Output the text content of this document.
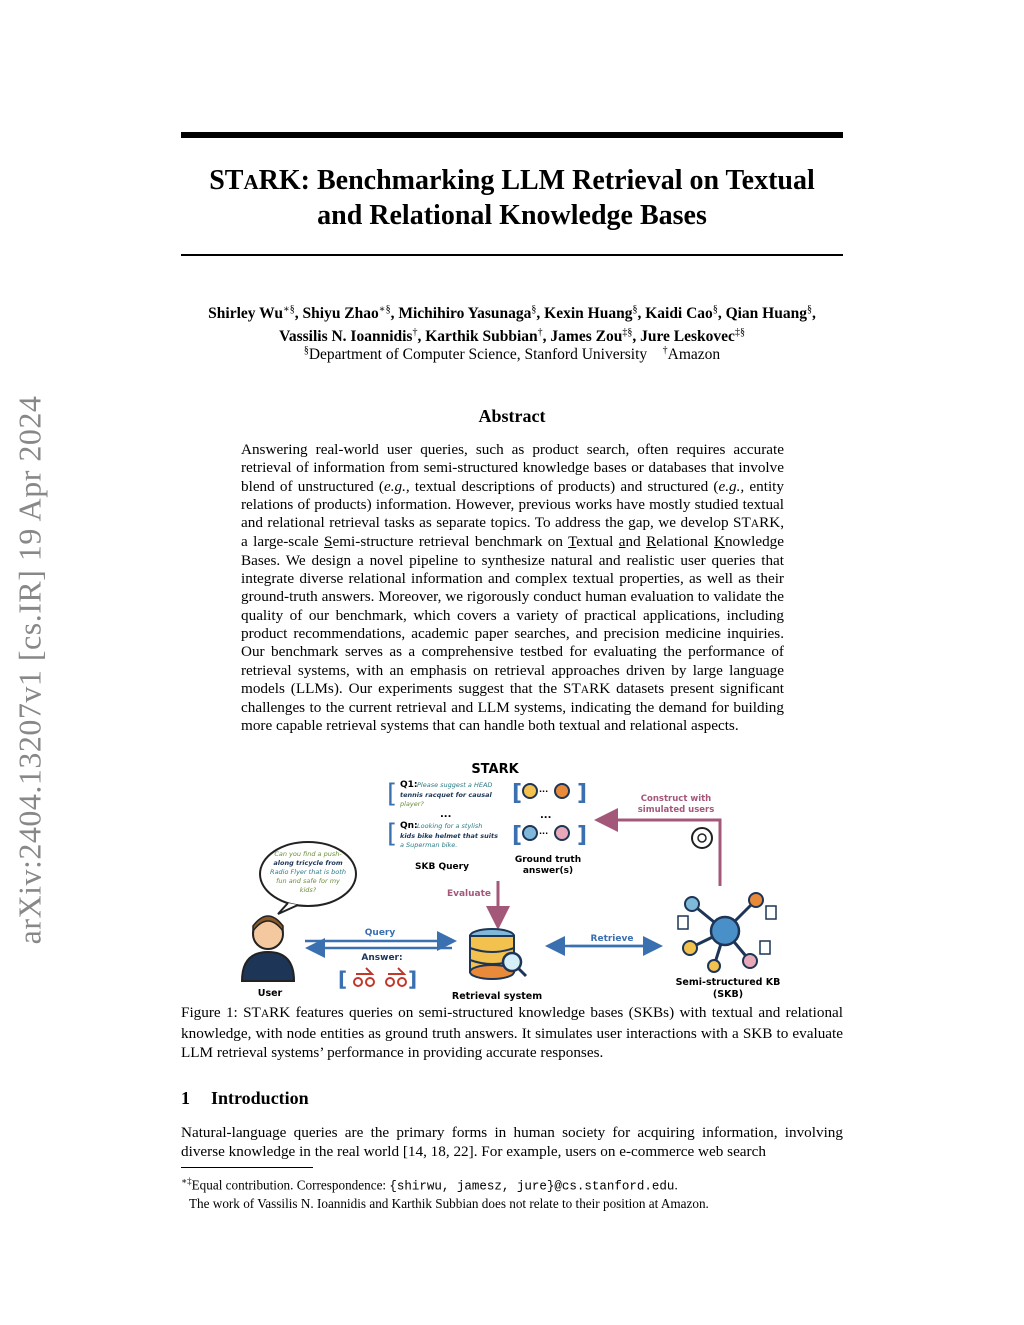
arXiv:2404.13207v1 [cs.IR] 19 Apr 2024
STARK: Benchmarking LLM Retrieval on Textual
and Relational Knowledge Bases
Shirley Wu∗§, Shiyu Zhao∗§, Michihiro Yasunaga§, Kexin Huang§, Kaidi Cao§, Qian Huang§,
Vassilis N. Ioannidis†, Karthik Subbian†, James Zou‡§, Jure Leskovec‡§
§Department of Computer Science, Stanford University †Amazon
Abstract

Answering real-world user queries, such as product search, often requires accurate retrieval of information from semi-structured knowledge bases or databases that involve blend of unstructured (e.g., textual descriptions of products) and structured (e.g., entity relations of products) information. However, previous works have mostly studied textual and relational retrieval tasks as separate topics. To address the gap, we develop STARK, a large-scale Semi-structure retrieval benchmark on Textual and Relational Knowledge Bases. We design a novel pipeline to synthesize natural and realistic user queries that integrate diverse relational information and complex textual properties, as well as their ground-truth answers. Moreover, we rigorously conduct human evaluation to validate the quality of our benchmark, which covers a variety of practical applications, including product recommendations, academic paper searches, and precision medicine inquiries. Our benchmark serves as a comprehensive testbed for evaluating the performance of retrieval systems, with an emphasis on retrieval approaches driven by large language models (LLMs). Our experiments suggest that the STARK datasets present significant challenges to the current retrieval and LLM systems, indicating the demand for building more capable retrieval systems that can handle both textual and relational aspects.

STARK
[ Q1: Please suggest a HEAD
tennis racquet for causal
player?
...
[ Qn: Looking for a stylish
kids bike helmet that suits
a Superman bike.
SKB Query
[ ··· ]
...
[ ··· ]
Ground truth
answer(s)
Construct with
simulated users
Can you find a push-
along tricycle from
Radio Flyer that is both
fun and safe for my
kids?	Evaluate
User
Query
Answer:
[	]
Retrieval system
Retrieve
Semi-structured KB
(SKB)

Figure 1: STARK features queries on semi-structured knowledge bases (SKBs) with textual and relational knowledge, with node entities as ground truth answers. It simulates user interactions with a SKB to evaluate LLM retrieval systems’ performance in providing accurate responses.

1 Introduction

Natural-language queries are the primary forms in human society for acquiring information, involving diverse knowledge in the real world [14, 18, 22]. For example, users on e-commerce web search

∗‡Equal contribution. Correspondence: {shirwu, jamesz, jure}@cs.stanford.edu.

The work of Vassilis N. Ioannidis and Karthik Subbian does not relate to their position at Amazon.
